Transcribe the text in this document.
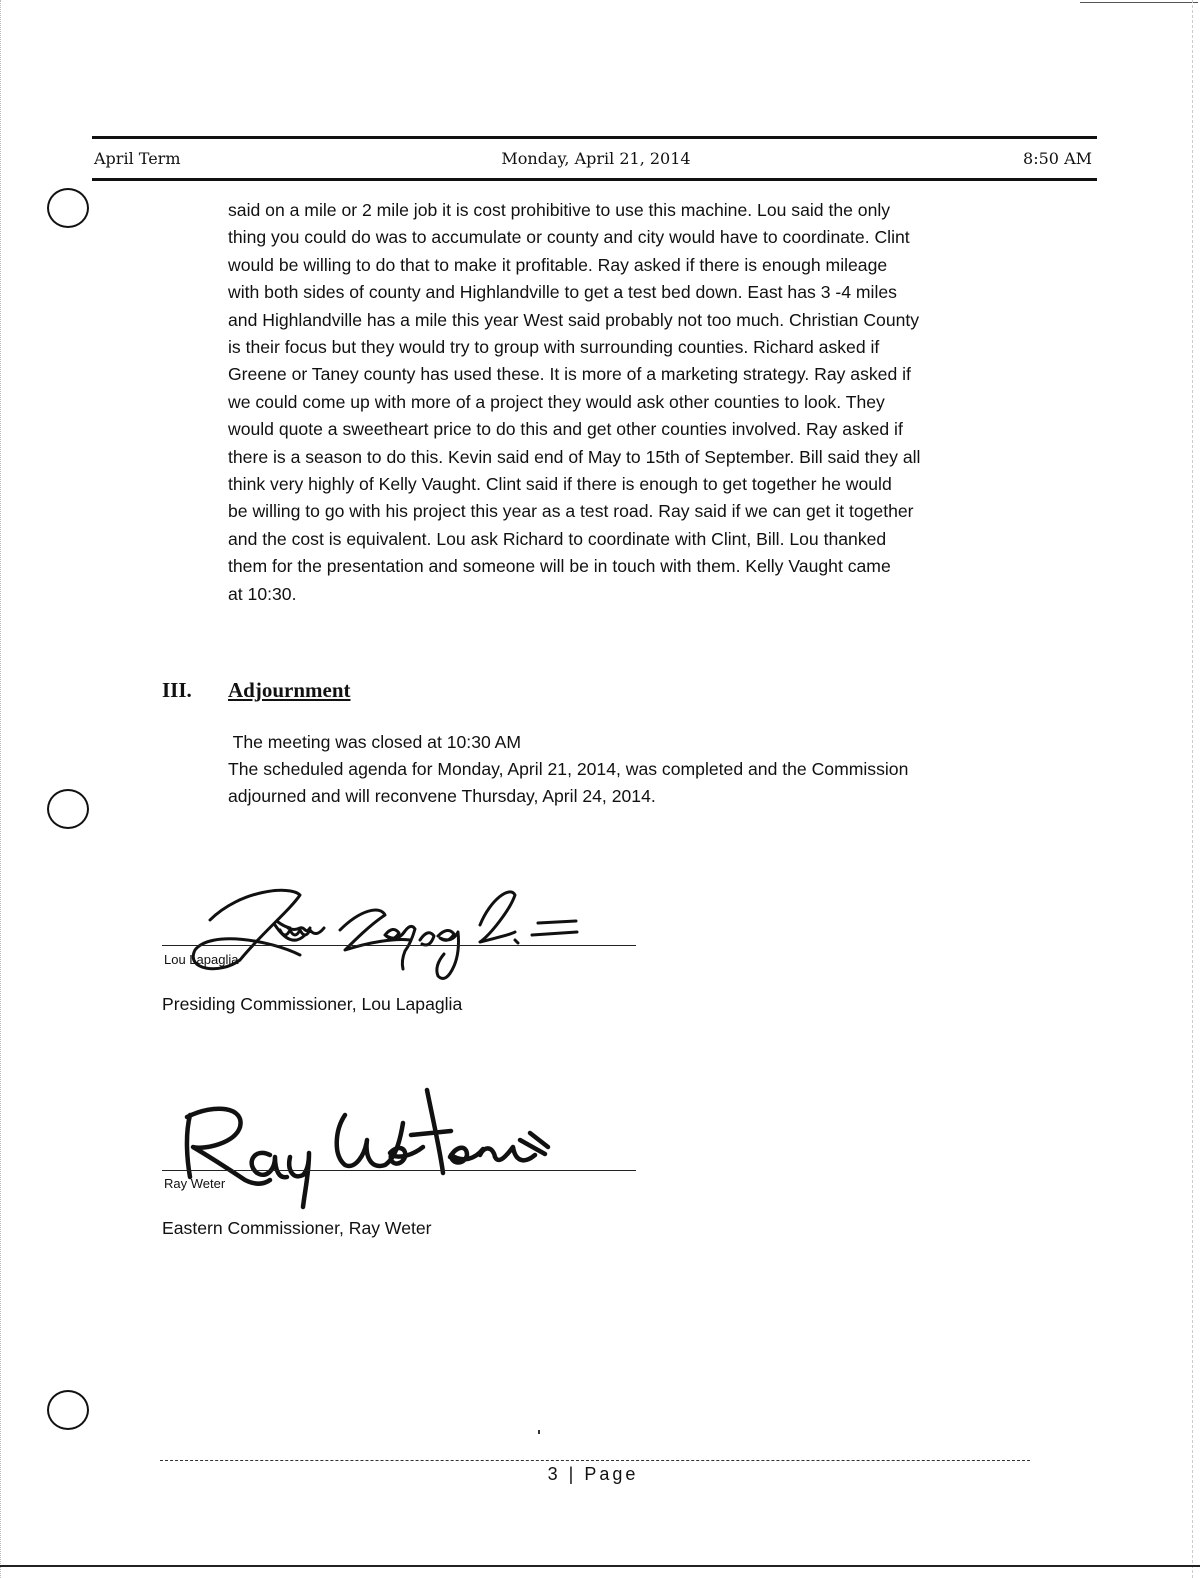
April Term	Monday, April 21, 2014	8:50 AM
said on a mile or 2 mile job it is cost prohibitive to use this machine. Lou said the only
thing you could do was to accumulate or county and city would have to coordinate. Clint
would be willing to do that to make it profitable. Ray asked if there is enough mileage
with both sides of county and Highlandville to get a test bed down. East has 3 -4 miles
and Highlandville has a mile this year West said probably not too much. Christian County
is their focus but they would try to group with surrounding counties. Richard asked if
Greene or Taney county has used these. It is more of a marketing strategy. Ray asked if
we could come up with more of a project they would ask other counties to look. They
would quote a sweetheart price to do this and get other counties involved. Ray asked if
there is a season to do this. Kevin said end of May to 15th of September. Bill said they all
think very highly of Kelly Vaught. Clint said if there is enough to get together he would
be willing to go with his project this year as a test road. Ray said if we can get it together
and the cost is equivalent. Lou ask Richard to coordinate with Clint, Bill. Lou thanked
them for the presentation and someone will be in touch with them. Kelly Vaught came
at 10:30.
III. Adjournment
The meeting was closed at 10:30 AM
The scheduled agenda for Monday, April 21, 2014, was completed and the Commission
adjourned and will reconvene Thursday, April 24, 2014.
Lou Lapaglia
Presiding Commissioner, Lou Lapaglia
Ray Weter
Eastern Commissioner, Ray Weter
3 | Page
